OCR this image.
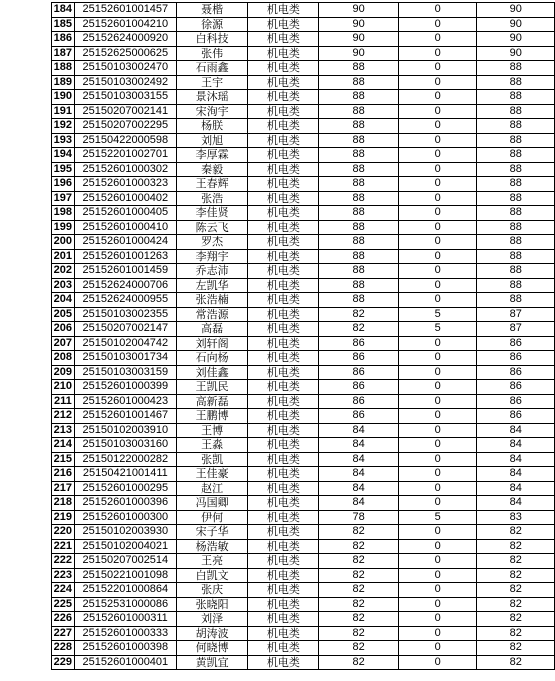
184	25152601001457	聂楷	机电类	90	0	90
185	25152601004210	徐源	机电类	90	0	90
186	25152624000920	白科技	机电类	90	0	90
187	25152625000625	张伟	机电类	90	0	90
188	25150103002470	石雨鑫	机电类	88	0	88
189	25150103002492	王宇	机电类	88	0	88
190	25150103003155	景沐瑶	机电类	88	0	88
191	25150207002141	宋洵宇	机电类	88	0	88
192	25150207002295	杨朕	机电类	88	0	88
193	25150422000598	刘旭	机电类	88	0	88
194	25152201002701	李厚霖	机电类	88	0	88
195	25152601000302	秦毅	机电类	88	0	88
196	25152601000323	王春辉	机电类	88	0	88
197	25152601000402	张浩	机电类	88	0	88
198	25152601000405	李佳贤	机电类	88	0	88
199	25152601000410	陈云飞	机电类	88	0	88
200	25152601000424	罗杰	机电类	88	0	88
201	25152601001263	李翔宇	机电类	88	0	88
202	25152601001459	乔志沛	机电类	88	0	88
203	25152624000706	左凯华	机电类	88	0	88
204	25152624000955	张浩楠	机电类	88	0	88
205	25150103002355	常浩源	机电类	82	5	87
206	25150207002147	高磊	机电类	82	5	87
207	25150102004742	刘轩阁	机电类	86	0	86
208	25150103001734	石向杨	机电类	86	0	86
209	25150103003159	刘佳鑫	机电类	86	0	86
210	25152601000399	王凯民	机电类	86	0	86
211	25152601000423	高新磊	机电类	86	0	86
212	25152601001467	王鹏博	机电类	86	0	86
213	25150102003910	王博	机电类	84	0	84
214	25150103003160	王淼	机电类	84	0	84
215	25150122000282	张凯	机电类	84	0	84
216	25150421001411	王佳豪	机电类	84	0	84
217	25152601000295	赵江	机电类	84	0	84
218	25152601000396	冯国卿	机电类	84	0	84
219	25152601000300	伊何	机电类	78	5	83
220	25150102003930	宋子华	机电类	82	0	82
221	25150102004021	杨浩敏	机电类	82	0	82
222	25150207002514	王亮	机电类	82	0	82
223	25150221001098	白凯文	机电类	82	0	82
224	25152201000864	张庆	机电类	82	0	82
225	25152531000086	张晓阳	机电类	82	0	82
226	25152601000311	刘泽	机电类	82	0	82
227	25152601000333	胡涛波	机电类	82	0	82
228	25152601000398	何晓博	机电类	82	0	82
229	25152601000401	黄凯宜	机电类	82	0	82
